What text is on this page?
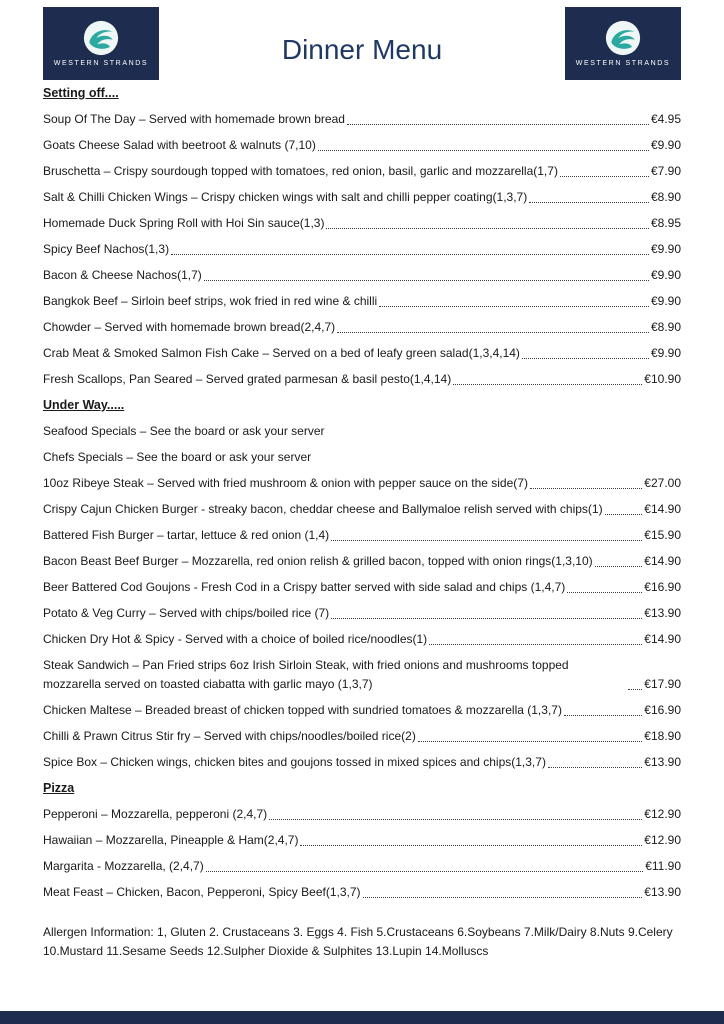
WESTERN STRANDS	Dinner Menu	WESTERN STRANDS
Setting off....
Soup Of The Day – Served with homemade brown bread	€4.95
Goats Cheese Salad with beetroot & walnuts (7,10)	€9.90
Bruschetta – Crispy sourdough topped with tomatoes, red onion, basil, garlic and mozzarella(1,7)	€7.90
Salt & Chilli Chicken Wings – Crispy chicken wings with salt and chilli pepper coating(1,3,7)	€8.90
Homemade Duck Spring Roll with Hoi Sin sauce(1,3)	€8.95
Spicy Beef Nachos(1,3)	€9.90
Bacon & Cheese Nachos(1,7)	€9.90
Bangkok Beef – Sirloin beef strips, wok fried in red wine & chilli	€9.90
Chowder – Served with homemade brown bread(2,4,7)	€8.90
Crab Meat & Smoked Salmon Fish Cake – Served on a bed of leafy green salad(1,3,4,14)	€9.90
Fresh Scallops, Pan Seared – Served grated parmesan & basil pesto(1,4,14)	€10.90
Under Way.....
Seafood Specials – See the board or ask your server
Chefs Specials – See the board or ask your server
10oz Ribeye Steak – Served with fried mushroom & onion with pepper sauce on the side(7)	€27.00
Crispy Cajun Chicken Burger - streaky bacon, cheddar cheese and Ballymaloe relish served with chips(1)	€14.90
Battered Fish Burger – tartar, lettuce & red onion (1,4)	€15.90
Bacon Beast Beef Burger – Mozzarella, red onion relish & grilled bacon, topped with onion rings(1,3,10)	€14.90
Beer Battered Cod Goujons - Fresh Cod in a Crispy batter served with side salad and chips (1,4,7)	€16.90
Potato & Veg Curry – Served with chips/boiled rice (7)	€13.90
Chicken Dry Hot & Spicy - Served with a choice of boiled rice/noodles(1)	€14.90
Steak Sandwich – Pan Fried strips 6oz Irish Sirloin Steak, with fried onions and mushrooms topped mozzarella served on toasted ciabatta with garlic mayo (1,3,7)	€17.90
Chicken Maltese – Breaded breast of chicken topped with sundried tomatoes & mozzarella (1,3,7)	€16.90
Chilli & Prawn Citrus Stir fry – Served with chips/noodles/boiled rice(2)	€18.90
Spice Box – Chicken wings, chicken bites and goujons tossed in mixed spices and chips(1,3,7)	€13.90
Pizza
Pepperoni – Mozzarella, pepperoni (2,4,7)	€12.90
Hawaiian – Mozzarella, Pineapple & Ham(2,4,7)	€12.90
Margarita - Mozzarella, (2,4,7)	€11.90
Meat Feast – Chicken, Bacon, Pepperoni, Spicy Beef(1,3,7)	€13.90

Allergen Information: 1, Gluten 2. Crustaceans 3. Eggs 4. Fish 5.Crustaceans 6.Soybeans 7.Milk/Dairy 8.Nuts 9.Celery 10.Mustard 11.Sesame Seeds 12.Sulpher Dioxide & Sulphites 13.Lupin 14.Molluscs
